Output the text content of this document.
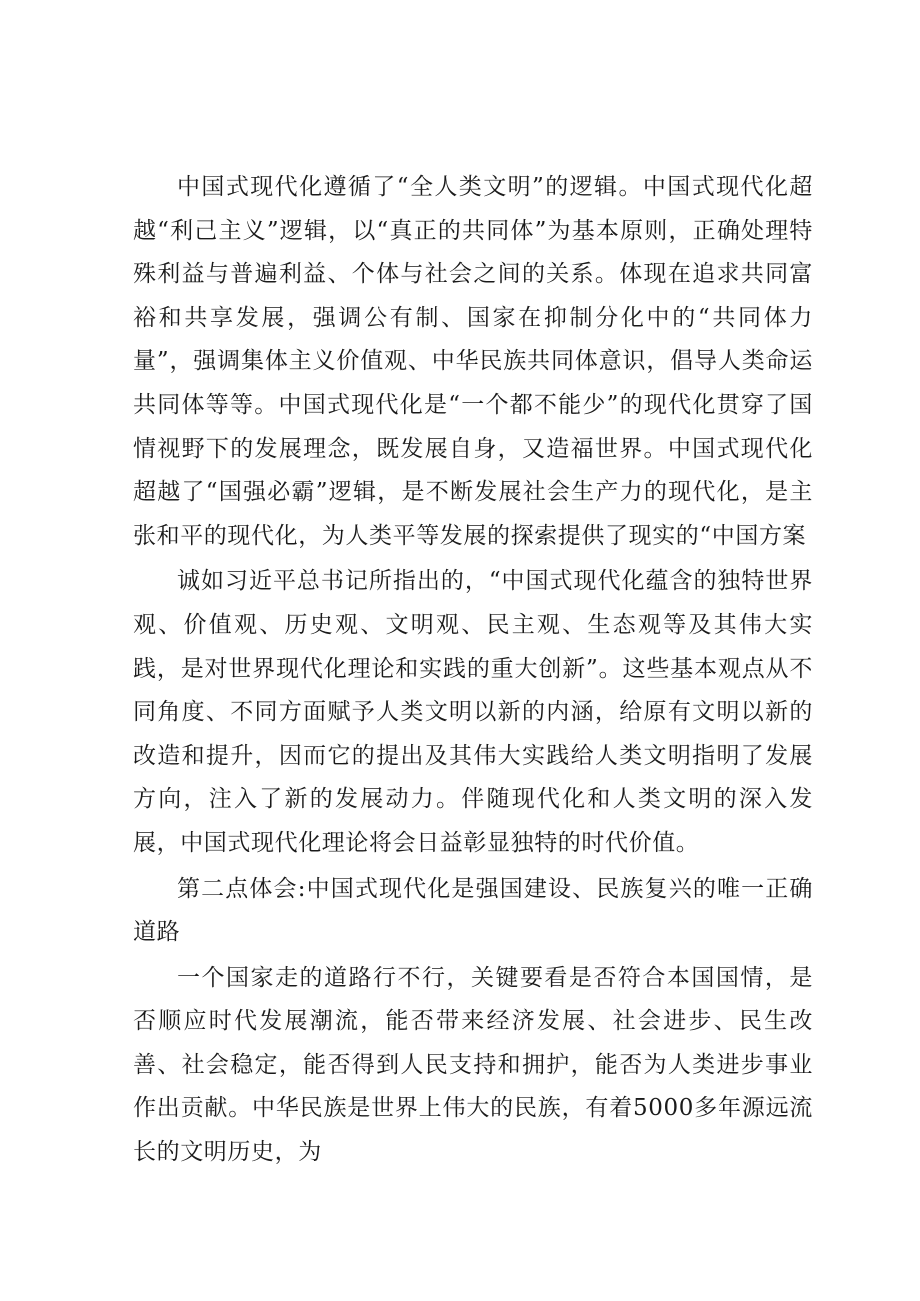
中国式现代化遵循了“全人类文明”的逻辑。中国式现代化超越“利己主义”逻辑，以“真正的共同体”为基本原则，正确处理特殊利益与普遍利益、个体与社会之间的关系。体现在追求共同富裕和共享发展，强调公有制、国家在抑制分化中的“共同体力量”，强调集体主义价值观、中华民族共同体意识，倡导人类命运共同体等等。中国式现代化是“一个都不能少”的现代化贯穿了国情视野下的发展理念，既发展自身，又造福世界。中国式现代化超越了“国强必霸”逻辑，是不断发展社会生产力的现代化，是主张和平的现代化，为人类平等发展的探索提供了现实的“中国方案

诚如习近平总书记所指出的，“中国式现代化蕴含的独特世界观、价值观、历史观、文明观、民主观、生态观等及其伟大实践，是对世界现代化理论和实践的重大创新”。这些基本观点从不同角度、不同方面赋予人类文明以新的内涵，给原有文明以新的改造和提升，因而它的提出及其伟大实践给人类文明指明了发展方向，注入了新的发展动力。伴随现代化和人类文明的深入发展，中国式现代化理论将会日益彰显独特的时代价值。

第二点体会:中国式现代化是强国建设、民族复兴的唯一正确道路

一个国家走的道路行不行，关键要看是否符合本国国情，是否顺应时代发展潮流，能否带来经济发展、社会进步、民生改善、社会稳定，能否得到人民支持和拥护，能否为人类进步事业作出贡献。中华民族是世界上伟大的民族，有着5000多年源远流长的文明历史，为
